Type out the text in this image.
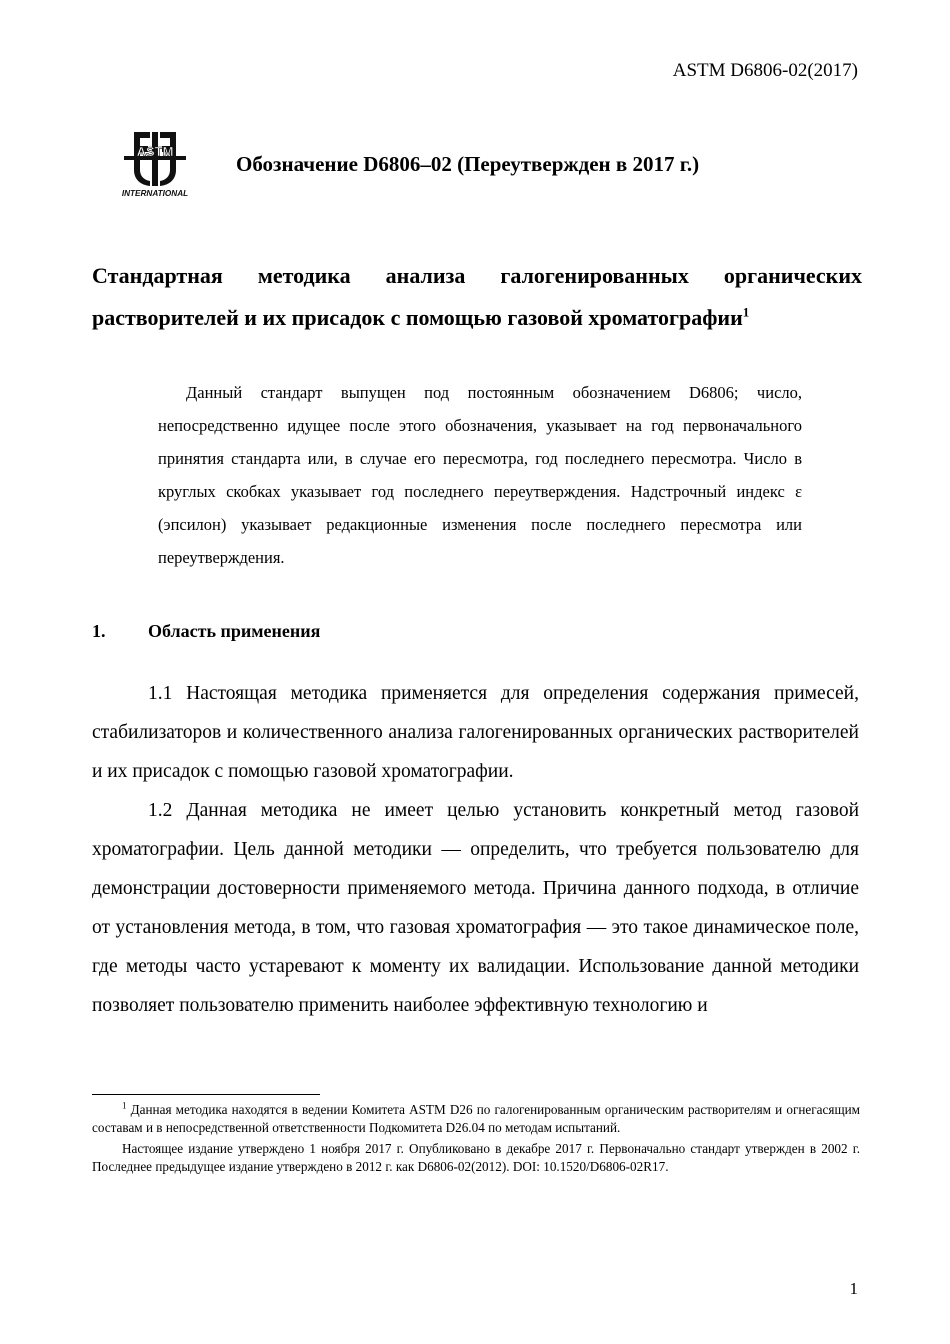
ASTM D6806-02(2017)
ASTM
INTERNATIONAL
Обозначение D6806–02 (Переутвержден в 2017 г.)
Стандартная методика анализа галогенированных органических растворителей и их присадок с помощью газовой хроматографии$^1$
Данный стандарт выпущен под постоянным обозначением D6806; число, непосредственно идущее после этого обозначения, указывает на год первоначального принятия стандарта или, в случае его пересмотра, год последнего пересмотра. Число в круглых скобках указывает год последнего переутверждения. Надстрочный индекс ε (эпсилон) указывает редакционные изменения после последнего пересмотра или переутверждения.
1. Область применения

1.1 Настоящая методика применяется для определения содержания примесей, стабилизаторов и количественного анализа галогенированных органических растворителей и их присадок с помощью газовой хроматографии.

1.2 Данная методика не имеет целью установить конкретный метод газовой хроматографии. Цель данной методики — определить, что требуется пользователю для демонстрации достоверности применяемого метода. Причина данного подхода, в отличие от установления метода, в том, что газовая хроматография — это такое динамическое поле, где методы часто устаревают к моменту их валидации. Использование данной методики позволяет пользователю применить наиболее эффективную технологию и

$^1$ Данная методика находятся в ведении Комитета ASTM D26 по галогенированным органическим растворителям и огнегасящим составам и в непосредственной ответственности Подкомитета D26.04 по методам испытаний.

Настоящее издание утверждено 1 ноября 2017 г. Опубликовано в декабре 2017 г. Первоначально стандарт утвержден в 2002 г. Последнее предыдущее издание утверждено в 2012 г. как D6806-02(2012). DOI: 10.1520/D6806-02R17.

1
